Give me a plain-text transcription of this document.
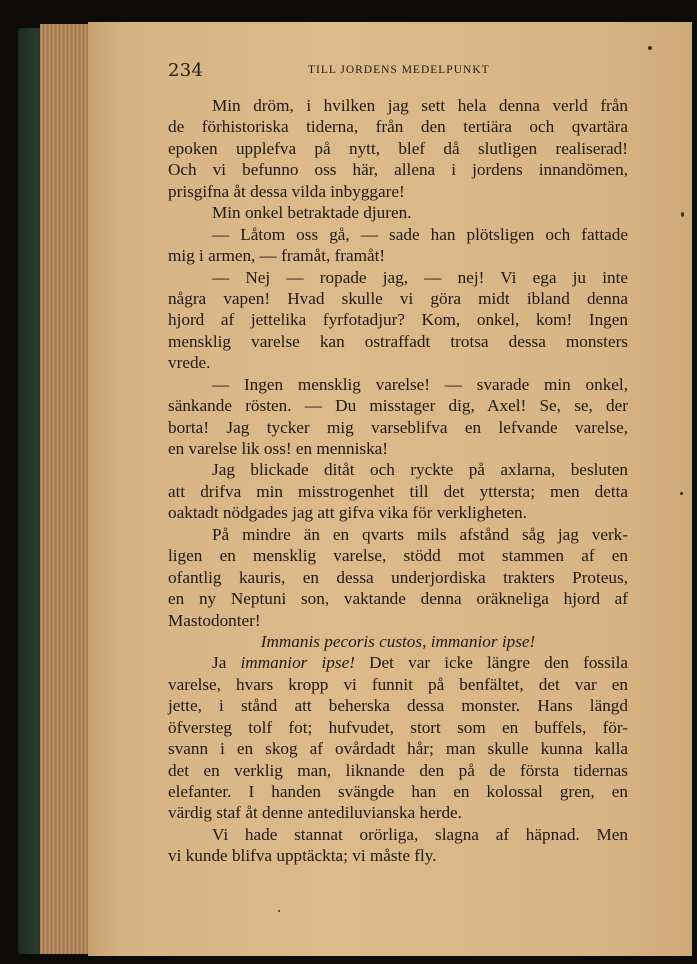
234	TILL JORDENS MEDELPUNKT
Min dröm, i hvilken jag sett hela denna verld från
de förhistoriska tiderna, från den tertiära och qvartära
epoken upplefva på nytt, blef då slutligen realiserad!
Och vi befunno oss här, allena i jordens innandömen,
prisgifna åt dessa vilda inbyggare!
Min onkel betraktade djuren.
— Låtom oss gå, — sade han plötsligen och fattade
mig i armen, — framåt, framåt!
— Nej — ropade jag, — nej! Vi ega ju inte
några vapen! Hvad skulle vi göra midt ibland denna
hjord af jettelika fyrfotadjur? Kom, onkel, kom! Ingen
mensklig varelse kan ostraffadt trotsa dessa monsters
vrede.
— Ingen mensklig varelse! — svarade min onkel,
sänkande rösten. — Du misstager dig, Axel! Se, se, der
borta! Jag tycker mig varseblifva en lefvande varelse,
en varelse lik oss! en menniska!
Jag blickade ditåt och ryckte på axlarna, besluten
att drifva min misstrogenhet till det yttersta; men detta
oaktadt nödgades jag att gifva vika för verkligheten.
På mindre än en qvarts mils afstånd såg jag verk-
ligen en mensklig varelse, stödd mot stammen af en
ofantlig kauris, en dessa underjordiska trakters Proteus,
en ny Neptuni son, vaktande denna oräkneliga hjord af
Mastodonter!
Immanis pecoris custos, immanior ipse!
Ja immanior ipse! Det var icke längre den fossila
varelse, hvars kropp vi funnit på benfältet, det var en
jette, i stånd att beherska dessa monster. Hans längd
öfversteg tolf fot; hufvudet, stort som en buffels, för-
svann i en skog af ovårdadt hår; man skulle kunna kalla
det en verklig man, liknande den på de första tidernas
elefanter. I handen svängde han en kolossal gren, en
värdig staf åt denne antediluvianska herde.
Vi hade stannat orörliga, slagna af häpnad. Men
vi kunde blifva upptäckta; vi måste fly.
